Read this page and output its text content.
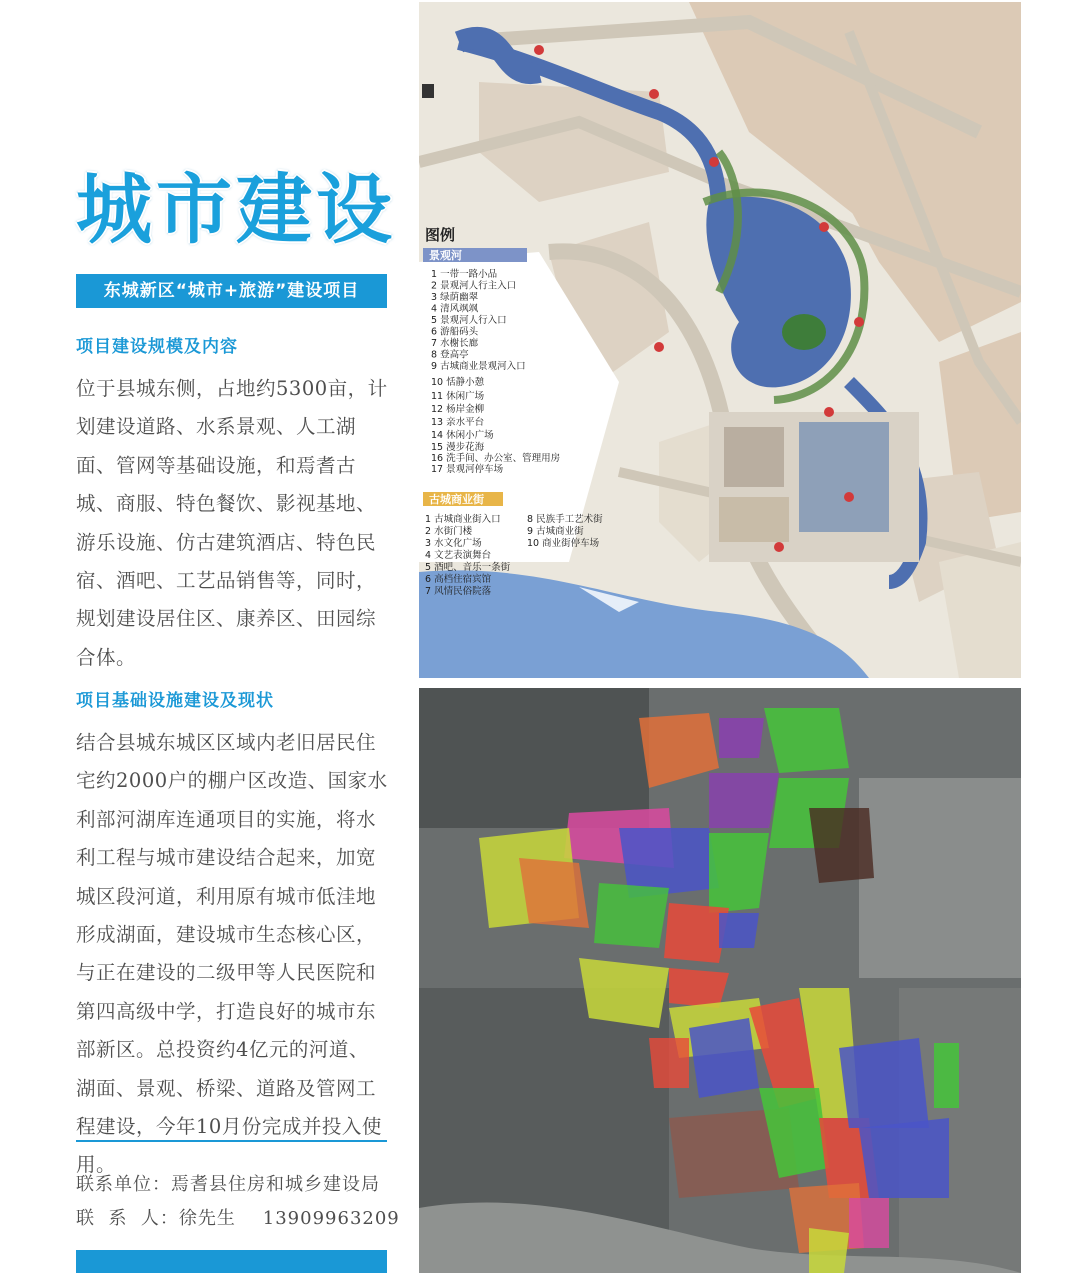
城市建设
东城新区“城市+旅游”建设项目
项目建设规模及内容
位于县城东侧，占地约5300亩，计
划建设道路、水系景观、人工湖
面、管网等基础设施，和焉耆古
城、商服、特色餐饮、影视基地、
游乐设施、仿古建筑酒店、特色民
宿、酒吧、工艺品销售等，同时，
规划建设居住区、康养区、田园综
合体。
项目基础设施建设及现状
结合县城东城区区域内老旧居民住
宅约2000户的棚户区改造、国家水
利部河湖库连通项目的实施，将水
利工程与城市建设结合起来，加宽
城区段河道，利用原有城市低洼地
形成湖面，建设城市生态核心区，
与正在建设的二级甲等人民医院和
第四高级中学，打造良好的城市东
部新区。总投资约4亿元的河道、
湖面、景观、桥梁、道路及管网工
程建设，今年10月份完成并投入使
用。
联系单位：焉耆县住房和城乡建设局
联  系  人：徐先生    13909963209
图例
景观河
1 一带一路小品
2 景观河人行主入口
3 绿荫幽翠
4 清风飒飒
5 景观河人行入口
6 游船码头
7 水榭长廊
8 登高亭
9 古城商业景观河入口
10 恬静小憩
11 休闲广场
12 杨岸金柳
13 亲水平台
14 休闲小广场
15 漫步花海
16 洗手间、办公室、管理用房
17 景观河停车场
古城商业街
1 古城商业街入口
2 水街门楼
3 水文化广场
4 文艺表演舞台
5 酒吧、音乐一条街
6 高档住宿宾馆
7 风情民俗院落
8 民族手工艺术街
9 古城商业街
10 商业街停车场
